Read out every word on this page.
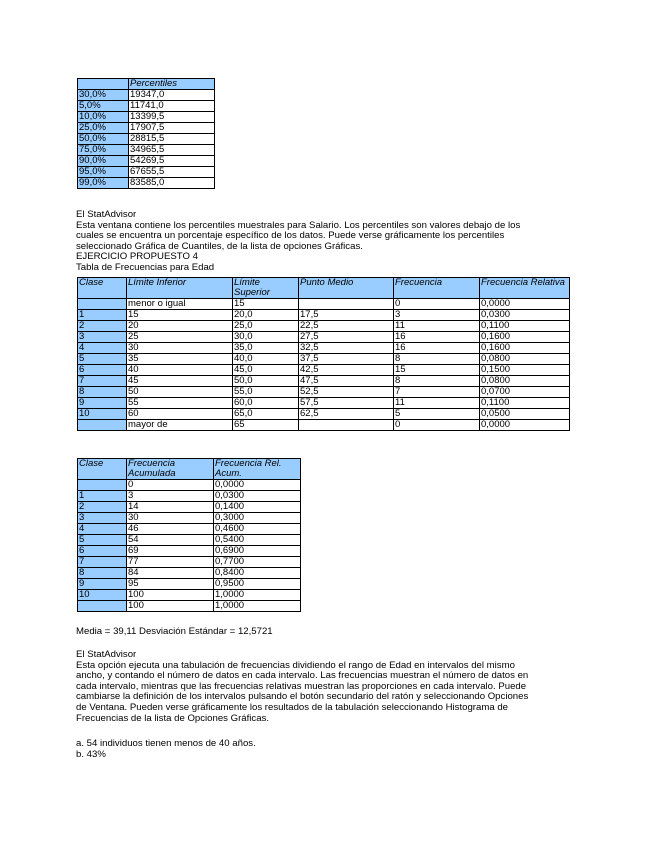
	Percentiles
30,0%	19347,0
5,0%	11741,0
10,0%	13399,5
25,0%	17907,5
50,0%	28815,5
75,0%	34965,5
90,0%	54269,5
95,0%	67655,5
99,0%	83585,0

El StatAdvisor

Esta ventana contiene los percentiles muestrales para Salario. Los percentiles son valores debajo de los

cuales se encuentra un porcentaje específico de los datos. Puede verse gráficamente los percentiles

seleccionado Gráfica de Cuantiles, de la lista de opciones Gráficas.

EJERCICIO PROPUESTO 4

Tabla de Frecuencias para Edad

Clase	Límite Inferior	Límite Superior	Punto Medio	Frecuencia	Frecuencia Relativa
	menor o igual	15		0	0,0000
1	15	20,0	17,5	3	0,0300
2	20	25,0	22,5	11	0,1100
3	25	30,0	27,5	16	0,1600
4	30	35,0	32,5	16	0,1600
5	35	40,0	37,5	8	0,0800
6	40	45,0	42,5	15	0,1500
7	45	50,0	47,5	8	0,0800
8	50	55,0	52,5	7	0,0700
9	55	60,0	57,5	11	0,1100
10	60	65,0	62,5	5	0,0500
	mayor de	65		0	0,0000
Clase	Frecuencia Acumulada	Frecuencia Rel. Acum.
	0	0,0000
1	3	0,0300
2	14	0,1400
3	30	0,3000
4	46	0,4600
5	54	0,5400
6	69	0,6900
7	77	0,7700
8	84	0,8400
9	95	0,9500
10	100	1,0000
	100	1,0000
Media = 39,11 Desviación Estándar = 12,5721

El StatAdvisor

Esta opción ejecuta una tabulación de frecuencias dividiendo el rango de Edad en intervalos del mismo

ancho, y contando el número de datos en cada intervalo. Las frecuencias muestran el número de datos en

cada intervalo, mientras que las frecuencias relativas muestran las proporciones en cada intervalo. Puede

cambiarse la definición de los intervalos pulsando el botón secundario del ratón y seleccionando Opciones

de Ventana. Pueden verse gráficamente los resultados de la tabulación seleccionando Histograma de

Frecuencias de la lista de Opciones Gráficas.

a. 54 individuos tienen menos de 40 años.

b. 43%
